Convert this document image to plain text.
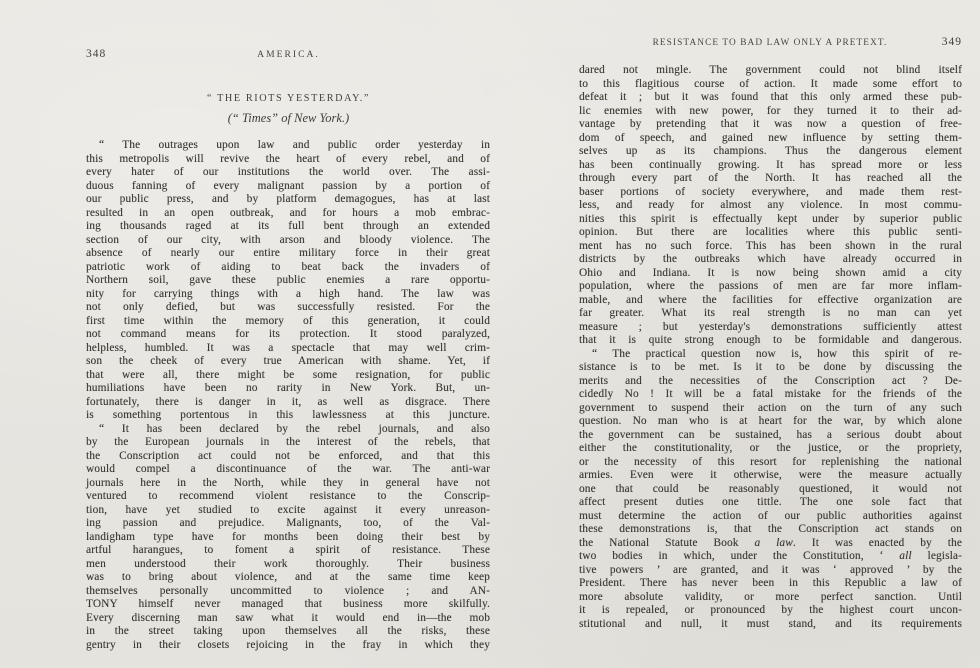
348	AMERICA.
“ THE RIOTS YESTERDAY.”
(“ Times” of New York.)
“ The outrages upon law and public order yesterday in
this metropolis will revive the heart of every rebel, and of
every hater of our institutions the world over. The assi-
duous fanning of every malignant passion by a portion of
our public press, and by platform demagogues, has at last
resulted in an open outbreak, and for hours a mob embrac-
ing thousands raged at its full bent through an extended
section of our city, with arson and bloody violence. The
absence of nearly our entire military force in their great
patriotic work of aiding to beat back the invaders of
Northern soil, gave these public enemies a rare opportu-
nity for carrying things with a high hand. The law was
not only defied, but was successfully resisted. For the
first time within the memory of this generation, it could
not command means for its protection. It stood paralyzed,
helpless, humbled. It was a spectacle that may well crim-
son the cheek of every true American with shame. Yet, if
that were all, there might be some resignation, for public
humiliations have been no rarity in New York. But, un-
fortunately, there is danger in it, as well as disgrace. There
is something portentous in this lawlessness at this juncture.
“ It has been declared by the rebel journals, and also
by the European journals in the interest of the rebels, that
the Conscription act could not be enforced, and that this
would compel a discontinuance of the war. The anti-war
journals here in the North, while they in general have not
ventured to recommend violent resistance to the Conscrip-
tion, have yet studied to excite against it every unreason-
ing passion and prejudice. Malignants, too, of the Val-
landigham type have for months been doing their best by
artful harangues, to foment a spirit of resistance. These
men understood their work thoroughly. Their business
was to bring about violence, and at the same time keep
themselves personally uncommitted to violence ; and AN-
TONY himself never managed that business more skilfully.
Every discerning man saw what it would end in—the mob
in the street taking upon themselves all the risks, these
gentry in their closets rejoicing in the fray in which they
RESISTANCE TO BAD LAW ONLY A PRETEXT.	349
dared not mingle. The government could not blind itself
to this flagitious course of action. It made some effort to
defeat it ; but it was found that this only armed these pub-
lic enemies with new power, for they turned it to their ad-
vantage by pretending that it was now a question of free-
dom of speech, and gained new influence by setting them-
selves up as its champions. Thus the dangerous element
has been continually growing. It has spread more or less
through every part of the North. It has reached all the
baser portions of society everywhere, and made them rest-
less, and ready for almost any violence. In most commu-
nities this spirit is effectually kept under by superior public
opinion. But there are localities where this public senti-
ment has no such force. This has been shown in the rural
districts by the outbreaks which have already occurred in
Ohio and Indiana. It is now being shown amid a city
population, where the passions of men are far more inflam-
mable, and where the facilities for effective organization are
far greater. What its real strength is no man can yet
measure ; but yesterday's demonstrations sufficiently attest
that it is quite strong enough to be formidable and dangerous.
“ The practical question now is, how this spirit of re-
sistance is to be met. Is it to be done by discussing the
merits and the necessities of the Conscription act ? De-
cidedly No ! It will be a fatal mistake for the friends of the
government to suspend their action on the turn of any such
question. No man who is at heart for the war, by which alone
the government can be sustained, has a serious doubt about
either the constitutionality, or the justice, or the propriety,
or the necessity of this resort for replenishing the national
armies. Even were it otherwise, were the measure actually
one that could be reasonably questioned, it would not
affect present duties one tittle. The one sole fact that
must determine the action of our public authorities against
these demonstrations is, that the Conscription act stands on
the National Statute Book a law. It was enacted by the
two bodies in which, under the Constitution, ‘ all legisla-
tive powers ’ are granted, and it was ‘ approved ’ by the
President. There has never been in this Republic a law of
more absolute validity, or more perfect sanction. Until
it is repealed, or pronounced by the highest court uncon-
stitutional and null, it must stand, and its requirements
